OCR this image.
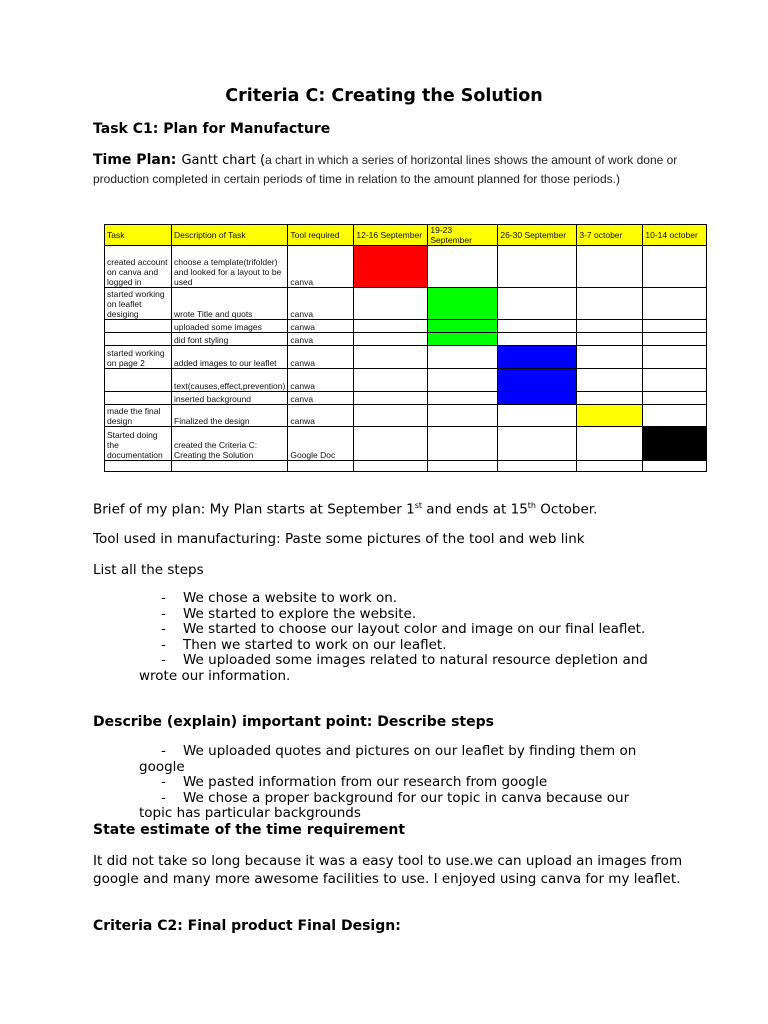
Criteria C: Creating the Solution
Task C1: Plan for Manufacture
Time Plan: Gantt chart (a chart in which a series of horizontal lines shows the amount of work done or production completed in certain periods of time in relation to the amount planned for those periods.)
Task	Description of Task	Tool required	12-16 September	19-23 September	26-30 September	3-7 october	10-14 october
created account on canva and logged in	choose a template(trifolder) and looked for a layout to be used	canva					
started working on leaflet desiging	wrote Title and quots	canva					
	uploaded some images	canwa					
	did font styling	canva					
started working on page 2	added images to our leaflet	canwa					
	text(causes,effect,prevention)	canwa					
	inserted background	canva					
made the final design	Finalized the design	canwa					
Started doing the documentation	created the Criteria C: Creating the Solution	Google Doc					

Brief of my plan: My Plan starts at September 1st and ends at 15th October.
Tool used in manufacturing: Paste some pictures of the tool and web link
List all the steps
- We chose a website to work on.
- We started to explore the website.
- We started to choose our layout color and image on our final leaflet.
- Then we started to work on our leaflet.
- We uploaded some images related to natural resource depletion and
wrote our information.
Describe (explain) important point: Describe steps
- We uploaded quotes and pictures on our leaflet by finding them on
google
- We pasted information from our research from google
- We chose a proper background for our topic in canva because our
topic has particular backgrounds
State estimate of the time requirement
It did not take so long because it was a easy tool to use.we can upload an images from google and many more awesome facilities to use. I enjoyed using canva for my leaflet.
Criteria C2: Final product Final Design:
